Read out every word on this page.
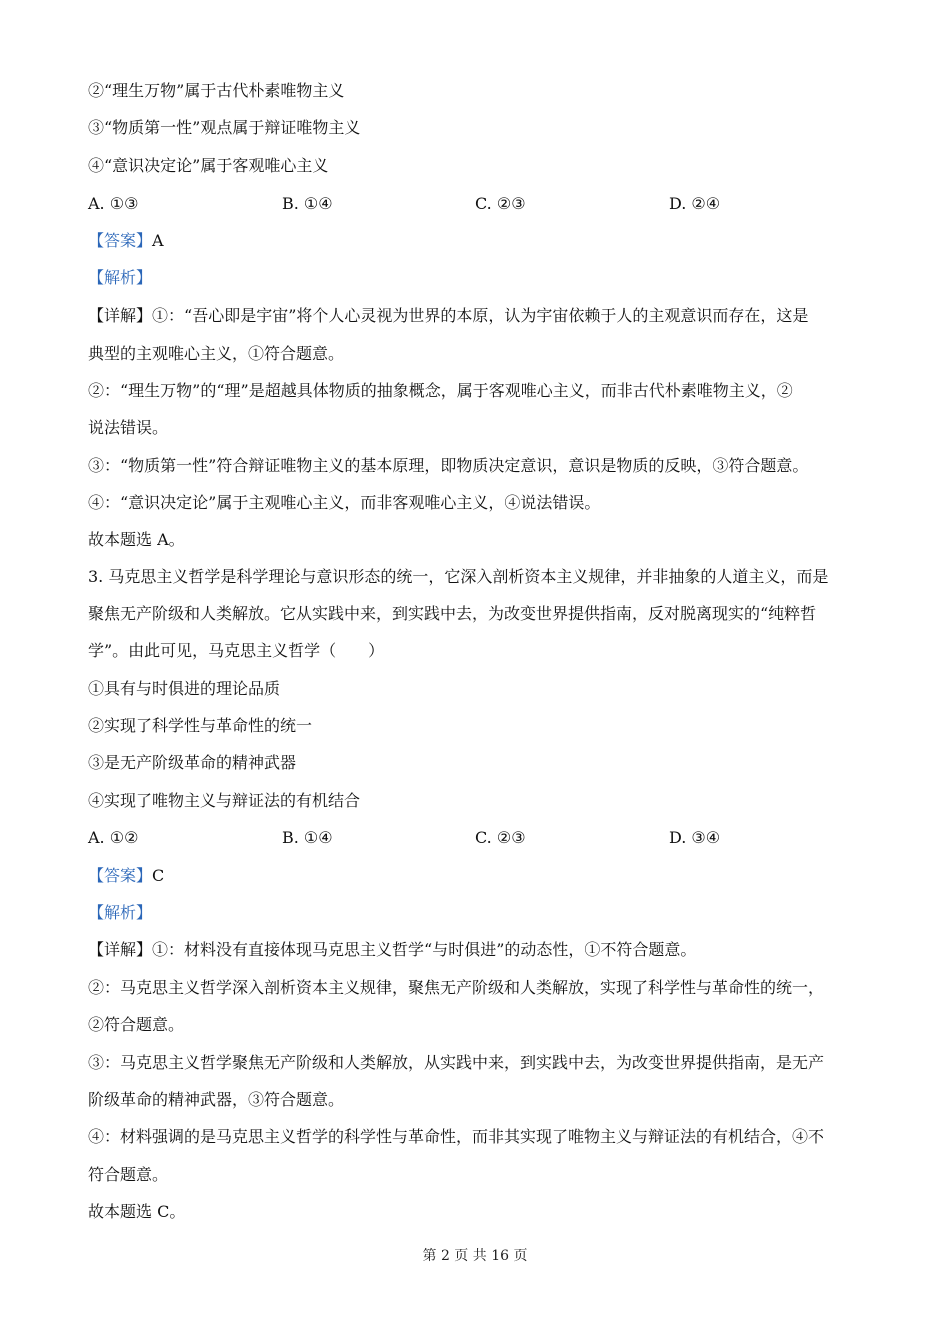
②“理生万物”属于古代朴素唯物主义
③“物质第一性”观点属于辩证唯物主义
④“意识决定论”属于客观唯心主义
A. ①③	B. ①④	C. ②③	D. ②④
【答案】A
【解析】
【详解】①：“吾心即是宇宙”将个人心灵视为世界的本原，认为宇宙依赖于人的主观意识而存在，这是
典型的主观唯心主义，①符合题意。
②：“理生万物”的“理”是超越具体物质的抽象概念，属于客观唯心主义，而非古代朴素唯物主义，②
说法错误。
③：“物质第一性”符合辩证唯物主义的基本原理，即物质决定意识，意识是物质的反映，③符合题意。
④：“意识决定论”属于主观唯心主义，而非客观唯心主义，④说法错误。
故本题选 A。
3. 马克思主义哲学是科学理论与意识形态的统一，它深入剖析资本主义规律，并非抽象的人道主义，而是
聚焦无产阶级和人类解放。它从实践中来，到实践中去，为改变世界提供指南，反对脱离现实的“纯粹哲
学”。由此可见，马克思主义哲学（　　）
①具有与时俱进的理论品质
②实现了科学性与革命性的统一
③是无产阶级革命的精神武器
④实现了唯物主义与辩证法的有机结合
A. ①②	B. ①④	C. ②③	D. ③④
【答案】C
【解析】
【详解】①：材料没有直接体现马克思主义哲学“与时俱进”的动态性，①不符合题意。
②：马克思主义哲学深入剖析资本主义规律，聚焦无产阶级和人类解放，实现了科学性与革命性的统一，
②符合题意。
③：马克思主义哲学聚焦无产阶级和人类解放，从实践中来，到实践中去，为改变世界提供指南，是无产
阶级革命的精神武器，③符合题意。
④：材料强调的是马克思主义哲学的科学性与革命性，而非其实现了唯物主义与辩证法的有机结合，④不
符合题意。
故本题选 C。
第 2 页 共 16 页
